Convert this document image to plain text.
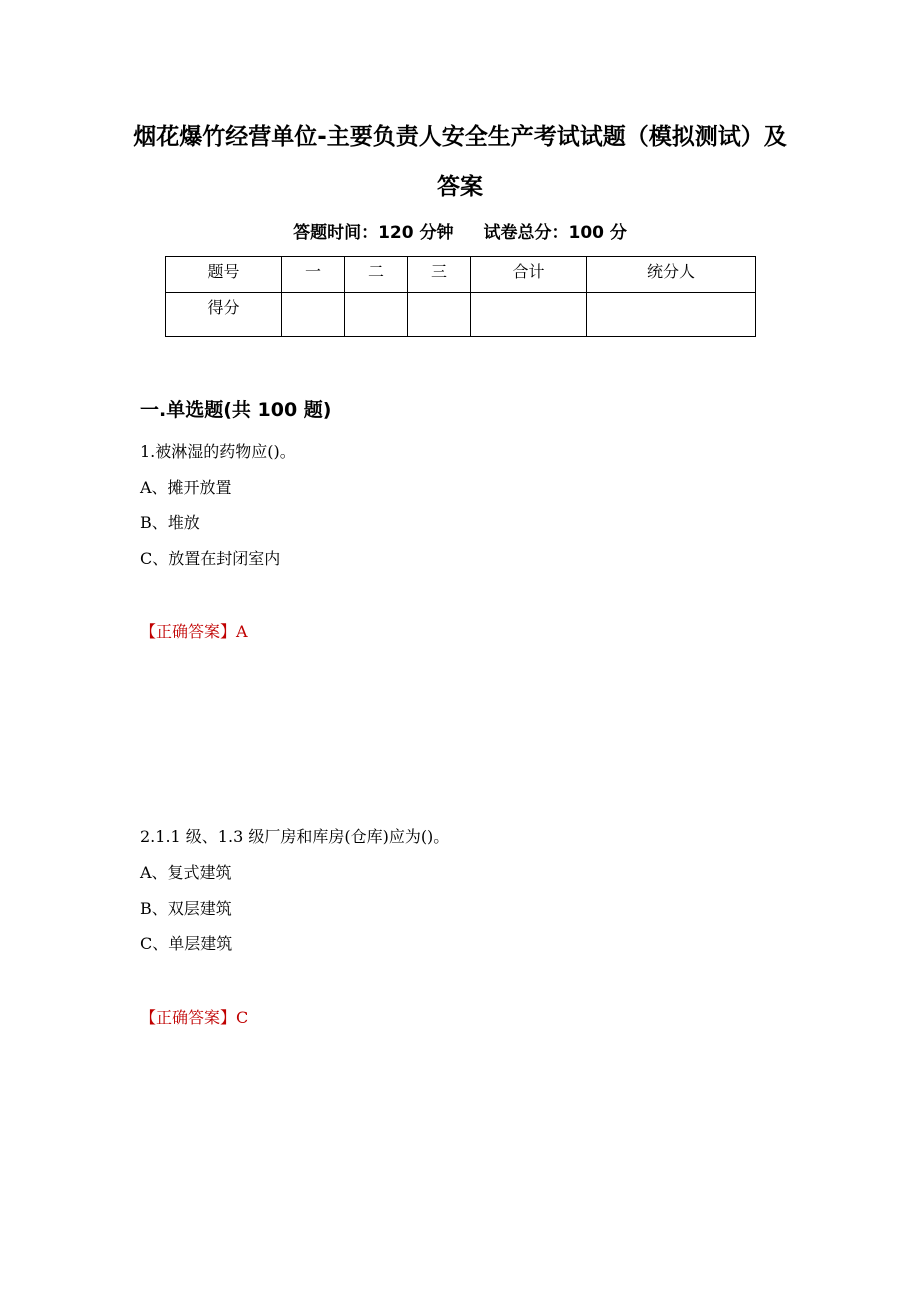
烟花爆竹经营单位-主要负责人安全生产考试试题（模拟测试）及答案
答题时间：120 分钟 试卷总分：100 分
题号	一	二	三	合计	统分人
得分					
一.单选题(共 100 题)
1.被淋湿的药物应()。
A、摊开放置
B、堆放
C、放置在封闭室内
【正确答案】A
2.1.1 级、1.3 级厂房和库房(仓库)应为()。
A、复式建筑
B、双层建筑
C、单层建筑
【正确答案】C
